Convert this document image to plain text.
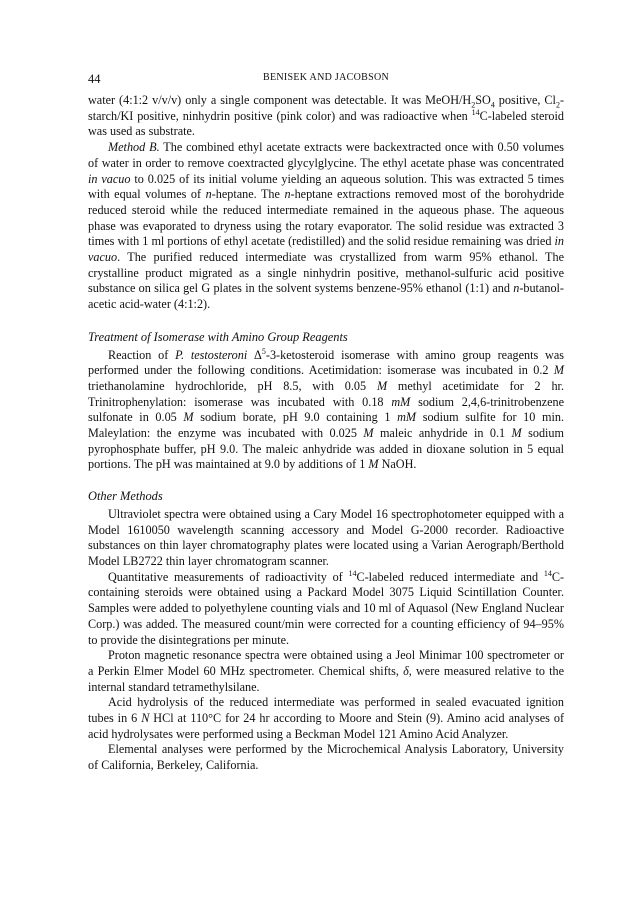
44	BENISEK AND JACOBSON

water (4:1:2 v/v/v) only a single component was detectable. It was MeOH/$H_2SO_4$ positive, $Cl_2-starch/KI$ positive, ninhydrin positive (pink color) and was radioactive when $^{14}$C-labeled steroid was used as substrate.

Method B. The combined ethyl acetate extracts were backextracted once with 0.50 volumes of water in order to remove coextracted glycylglycine. The ethyl acetate phase was concentrated in vacuo to 0.025 of its initial volume yielding an aqueous solution. This was extracted 5 times with equal volumes of n-heptane. The n-heptane extractions removed most of the borohydride reduced steroid while the reduced intermediate remained in the aqueous phase. The aqueous phase was evaporated to dryness using the rotary evaporator. The solid residue was extracted 3 times with 1 ml portions of ethyl acetate (redistilled) and the solid residue remaining was dried in vacuo. The purified reduced intermediate was crystallized from warm 95% ethanol. The crystalline product migrated as a single ninhydrin positive, methanol-sulfuric acid positive substance on silica gel G plates in the solvent systems benzene-95% ethanol (1:1) and n-butanol-acetic acid-water (4:1:2).

Treatment of Isomerase with Amino Group Reagents

Reaction of P. testosteroni $\Delta^5-3$-ketosteroid isomerase with amino group reagents was performed under the following conditions. Acetimidation: isomerase was incubated in 0.2 M triethanolamine hydrochloride, pH 8.5, with 0.05 M methyl acetimidate for 2 hr. Trinitrophenylation: isomerase was incubated with 0.18 mM sodium 2,4,6-trinitrobenzene sulfonate in 0.05 M sodium borate, pH 9.0 containing 1 mM sodium sulfite for 10 min. Maleylation: the enzyme was incubated with 0.025 M maleic anhydride in 0.1 M sodium pyrophosphate buffer, pH 9.0. The maleic anhydride was added in dioxane solution in 5 equal portions. The pH was maintained at 9.0 by additions of 1 M NaOH.

Other Methods

Ultraviolet spectra were obtained using a Cary Model 16 spectrophotometer equipped with a Model 1610050 wavelength scanning accessory and Model G-2000 recorder. Radioactive substances on thin layer chromatography plates were located using a Varian Aerograph/Berthold Model LB2722 thin layer chromatogram scanner.

Quantitative measurements of radioactivity of $^{14}$C-labeled reduced intermediate and $^{14}$C-containing steroids were obtained using a Packard Model 3075 Liquid Scintillation Counter. Samples were added to polyethylene counting vials and 10 ml of Aquasol (New England Nuclear Corp.) was added. The measured count/min were corrected for a counting efficiency of 94–95% to provide the disintegrations per minute.

Proton magnetic resonance spectra were obtained using a Jeol Minimar 100 spectrometer or a Perkin Elmer Model 60 MHz spectrometer. Chemical shifts, δ, were measured relative to the internal standard tetramethylsilane.

Acid hydrolysis of the reduced intermediate was performed in sealed evacuated ignition tubes in 6 N HCl at 110°C for 24 hr according to Moore and Stein (9). Amino acid analyses of acid hydrolysates were performed using a Beckman Model 121 Amino Acid Analyzer.

Elemental analyses were performed by the Microchemical Analysis Laboratory, University of California, Berkeley, California.
